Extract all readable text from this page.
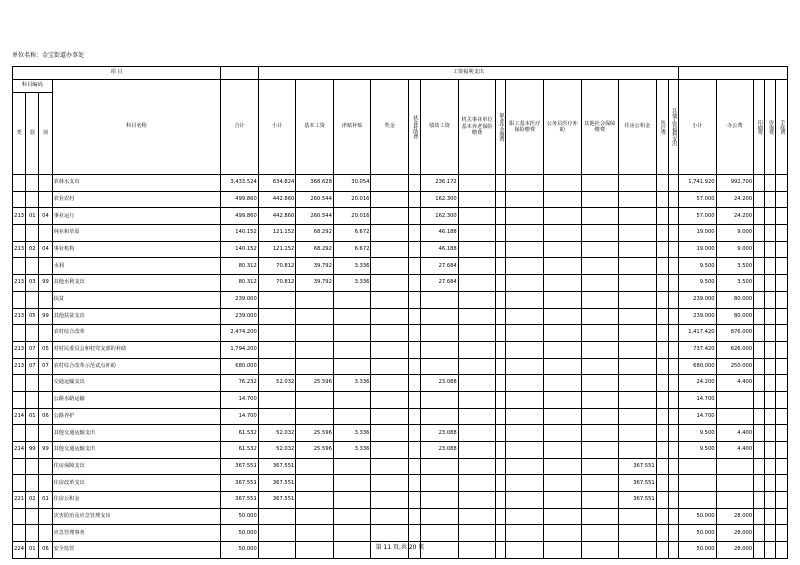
单位名称：金宝街道办事处
项 目					工资福利支出																		
科目编码			科目名称	合计	小计	基本工资	津贴补贴	奖金	伙食补助费	绩效工资	机关事业单位基本养老保险缴费	职业年金缴费	职工基本医疗保险缴费	公务员医疗补助	其他社会保障缴费	住房公积金	医疗费	其他工资福利支出	小计	办公费	印刷费	咨询费	手续费
类	款	项																					
			农林水支出	3,433.524	634.824	368.628	30.054			236.172									1,741.920	992.700			
			农业农村	499.860	442.860	260.544	20.016			162.300									57.000	24.200			
213	01	04	事业运行	499.860	442.860	260.544	20.016			162.300									57.000	24.200			
			林业和草原	140.152	121.152	68.292	6.672			46.188									19.000	9.000			
213	02	04	事业机构	140.152	121.152	68.292	6.672			46.188									19.000	9.000			
			水利	80.312	70.812	39.792	3.336			27.684									9.500	3.500			
213	03	99	其他水利支出	80.312	70.812	39.792	3.336			27.684									9.500	3.500			
			扶贫	239.000															239.000	80.000			
213	05	99	其他扶贫支出	239.000															239.000	80.000			
			农村综合改革	2,474.200															1,417.420	876.000			
213	07	05	对村民委员会和村党支部的补助	1,794.200															737.420	626.000			
213	07	07	农村综合改革示范试点补助	680.000															680.000	250.000			
			交通运输支出	76.232	52.032	25.596	3.336			23.088									24.200	4.400			
			公路水路运输	14.700															14.700				
214	01	06	公路养护	14.700															14.700				
			其他交通运输支出	61.532	52.032	25.596	3.336			23.088									9.500	4.400			
214	99	99	其他交通运输支出	61.532	52.032	25.596	3.336			23.088									9.500	4.400			
			住房保障支出	367.551	367.551											367.551							
			住房改革支出	367.551	367.551											367.551							
221	02	01	住房公积金	367.551	367.551											367.551							
			灾害防治及应急管理支出	50.000															50.000	28.000			
			应急管理事务	50.000															50.000	28.000			
224	01	06	安全监管	50.000															50.000	28.000			
第 11 页,共 20 页
